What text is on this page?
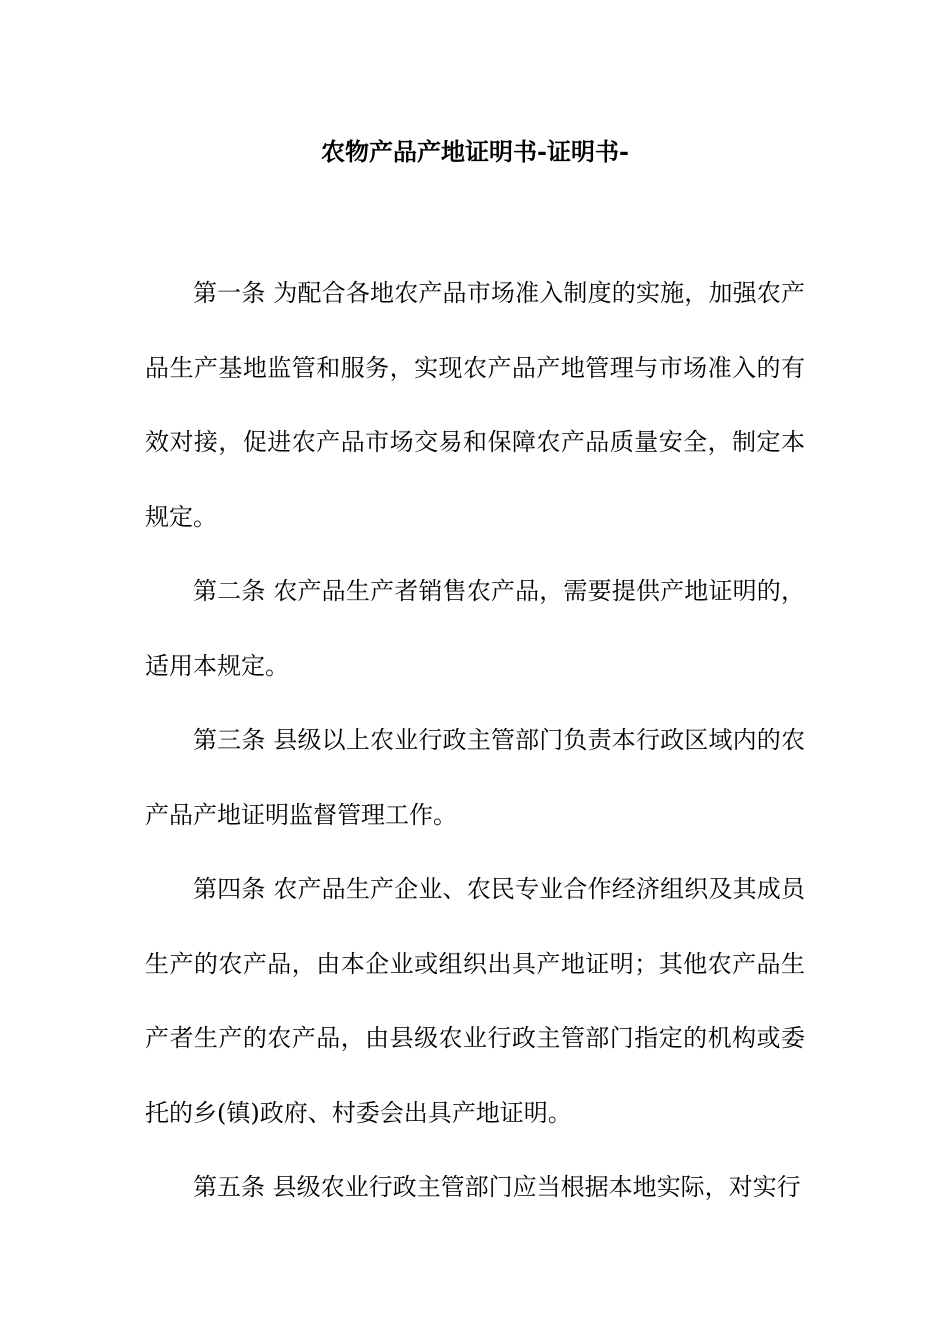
农物产品产地证明书-证明书-

第一条 为配合各地农产品市场准入制度的实施，加强农产品生产基地监管和服务，实现农产品产地管理与市场准入的有效对接，促进农产品市场交易和保障农产品质量安全，制定本规定。

第二条 农产品生产者销售农产品，需要提供产地证明的，适用本规定。

第三条 县级以上农业行政主管部门负责本行政区域内的农产品产地证明监督管理工作。

第四条 农产品生产企业、农民专业合作经济组织及其成员生产的农产品，由本企业或组织出具产地证明；其他农产品生产者生产的农产品，由县级农业行政主管部门指定的机构或委托的乡(镇)政府、村委会出具产地证明。

第五条 县级农业行政主管部门应当根据本地实际，对实行
